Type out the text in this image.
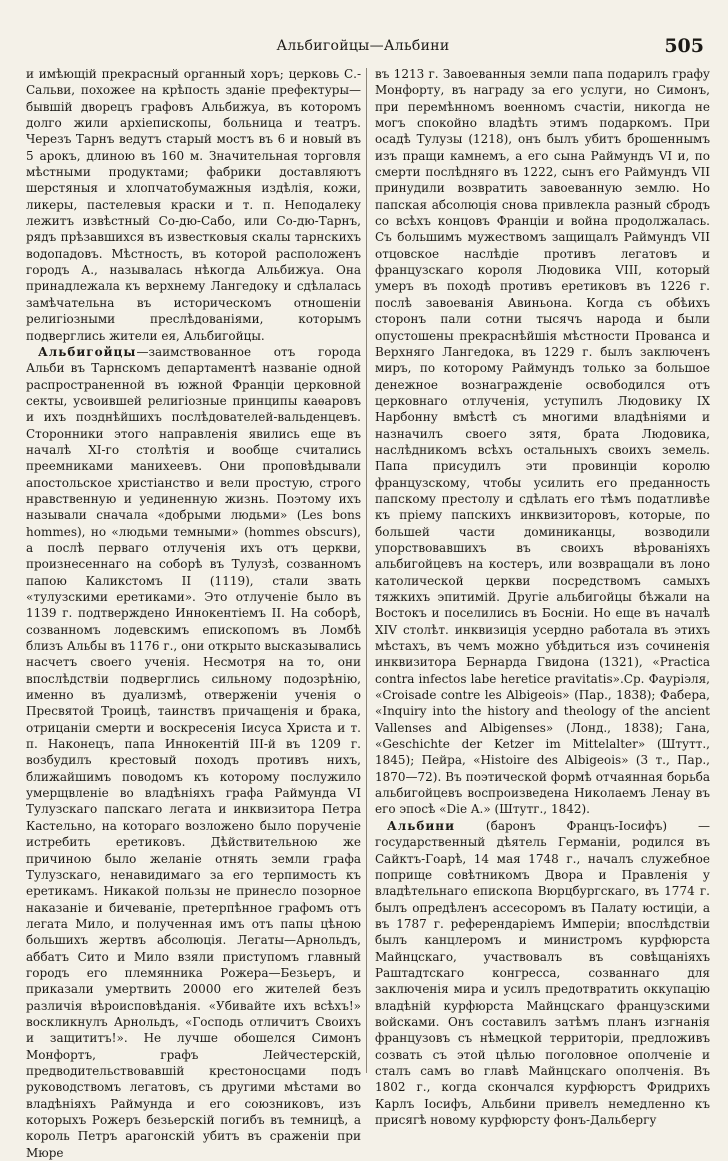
Альбигойцы—Альбини	505

и имѣющій прекрасный органный хоръ; церковь С.-Сальви, похожее на крѣпость зданіе префектуры—бывшій дворецъ графовъ Альбижуа, въ которомъ долго жили архіепископы, больница и театръ. Черезъ Тарнъ ведутъ старый мостъ въ 6 и новый въ 5 арокъ, длиною въ 160 м. Значительная торговля мѣстными продуктами; фабрики доставляютъ шерстяныя и хлопчатобумажныя издѣлія, кожи, ликеры, пастелевыя краски и т. п. Неподалеку лежитъ извѣстный Со-дю-Сабо, или Со-дю-Тарнъ, рядъ прѣзавшихся въ известковыя скалы тарнскихъ водопадовъ. Мѣстность, въ которой расположенъ городъ А., называлась нѣкогда Альбижуа. Она принадлежала къ верхнему Лангедоку и сдѣлалась замѣчательна въ историческомъ отношеніи религіозными преслѣдованіями, которымъ подверглись жители ея, Альбигойцы.

 Альбигойцы—заимствованное отъ города Альби въ Тарнскомъ департаментѣ названіе одной распространенной въ южной Франціи церковной секты, усвоившей религіозные принципы каѳаровъ и ихъ позднѣйшихъ послѣдователей-вальденцевъ. Сторонники этого направленія явились еще въ началѣ XI-го столѣтія и вообще считались преемниками манихеевъ. Они проповѣдывали апостольское христіанство и вели простую, строго нравственную и уединенную жизнь. Поэтому ихъ называли сначала «добрыми людьми» (Les bons hommes), но «людьми темными» (hommes obscurs), а послѣ перваго отлученія ихъ отъ церкви, произнесеннаго на соборѣ въ Тулузѣ, созванномъ папою Каликстомъ II (1119), стали звать «тулузскими еретиками». Это отлученіе было въ 1139 г. подтверждено Иннокентіемъ II. На соборѣ, созванномъ лодевскимъ епископомъ въ Ломбѣ близъ Альбы въ 1176 г., они открыто высказывались насчетъ своего ученія. Несмотря на то, они впослѣдствіи подверглись сильному подозрѣнію, именно въ дуализмѣ, отверженіи ученія о Пресвятой Троицѣ, таинствъ причащенія и брака, отрицаніи смерти и воскресенія Іисуса Христа и т. п. Наконецъ, папа Иннокентій III-й въ 1209 г. возбудилъ крестовый походъ противъ нихъ, ближайшимъ поводомъ къ которому послужило умерщвленіе во владѣніяхъ графа Раймунда VI Тулузскаго папскаго легата и инквизитора Петра Кастельно, на котораго возложено было порученіе истребить еретиковъ. Дѣйствительною же причиною было желаніе отнять земли графа Тулузскаго, ненавидимаго за его терпимость къ еретикамъ. Никакой пользы не принесло позорное наказаніе и бичеваніе, претерпѣнное графомъ отъ легата Мило, и полученная имъ отъ папы цѣною большихъ жертвъ абсолюція. Легаты—Арнольдъ, аббатъ Сито и Мило взяли приступомъ главный городъ его племянника Рожера—Безьеръ, и приказали умертвить 20000 его жителей безъ различія вѣроисповѣданія. «Убивайте ихъ всѣхъ!» воскликнулъ Арнольдъ, «Господь отличитъ Своихъ и защититъ!». Не лучше обошелся Симонъ Монфортъ, графъ Лейчестерскій, предводительствовавшій крестоносцами подъ руководствомъ легатовъ, съ другими мѣстами во владѣніяхъ Раймунда и его союзниковъ, изъ которыхъ Рожеръ безьерскій погибъ въ темницѣ, а король Петръ арагонскій убитъ въ сраженіи при Мюре

въ 1213 г. Завоеванныя земли папа подарилъ графу Монфорту, въ награду за его услуги, но Симонъ, при перемѣнномъ военномъ счастіи, никогда не могъ спокойно владѣть этимъ подаркомъ. При осадѣ Тулузы (1218), онъ былъ убитъ брошеннымъ изъ пращи камнемъ, а его сына Раймундъ VI и, по смерти послѣдняго въ 1222, сынъ его Раймундъ VII принудили возвратить завоеванную землю. Но папская абсолюція снова привлекла разный сбродъ со всѣхъ концовъ Франціи и война продолжалась. Съ большимъ мужествомъ защищалъ Раймундъ VII отцовское наслѣдіе противъ легатовъ и французскаго короля Людовика VIII, который умеръ въ походѣ противъ еретиковъ въ 1226 г. послѣ завоеванія Авиньона. Когда съ обѣихъ сторонъ пали сотни тысячъ народа и были опустошены прекраснѣйшія мѣстности Прованса и Верхняго Лангедока, въ 1229 г. былъ заключенъ миръ, по которому Раймундъ только за большое денежное вознагражденіе освободился отъ церковнаго отлученія, уступилъ Людовику IX Нарбонну вмѣстѣ съ многими владѣніями и назначилъ своего зятя, брата Людовика, наслѣдникомъ всѣхъ остальныхъ своихъ земель. Папа присудилъ эти провинціи королю французскому, чтобы усилить его преданность папскому престолу и сдѣлать его тѣмъ податливѣе къ пріему папскихъ инквизиторовъ, которые, по большей части доминиканцы, возводили упорствовавшихъ въ своихъ вѣрованіяхъ альбигойцевъ на костеръ, или возвращали въ лоно католической церкви посредствомъ самыхъ тяжкихъ эпитимій. Другіе альбигойцы бѣжали на Востокъ и поселились въ Босніи. Но еще въ началѣ XIV столѣт. инквизиція усердно работала въ этихъ мѣстахъ, въ чемъ можно убѣдиться изъ сочиненія инквизитора Бернарда Гвидона (1321), «Practica contra infectos labe heretice pravitatis».Ср. Фауріэля, «Croisade contre les Albigeois» (Пар., 1838); Фабера, «Inquiry into the history and theology of the ancient Vallenses and Albigenses» (Лонд., 1838); Гана, «Geschichte der Ketzer im Mittelalter» (Штутт., 1845); Пейра, «Histoire des Albigeois» (3 т., Пар., 1870—72). Въ поэтической формѣ отчаянная борьба альбигойцевъ воспроизведена Николаемъ Ленау въ его эпосѣ «Die A.» (Штутг., 1842).

 Альбини (баронъ Францъ-Іосифъ) — государственный дѣятель Германіи, родился въ Сайктъ-Гоарѣ, 14 мая 1748 г., началъ служебное поприще совѣтникомъ Двора и Правленія у владѣтельнаго епископа Вюрцбургскаго, въ 1774 г. былъ опредѣленъ ассесоромъ въ Палату юстиціи, а въ 1787 г. референдаріемъ Имперіи; впослѣдствіи былъ канцлеромъ и министромъ курфюрста Майнцскаго, участвовалъ въ совѣщаніяхъ Раштадтскаго конгресса, созваннаго для заключенія мира и усилъ предотвратить оккупацію владѣній курфюрста Майнцскаго французскими войсками. Онъ составилъ затѣмъ планъ изгнанія французовъ съ нѣмецкой территоріи, предложивъ созвать съ этой цѣлью поголовное ополченіе и сталъ самъ во главѣ Майнцскаго ополченія. Въ 1802 г., когда скончался курфюрстъ Фридрихъ Карлъ Іосифъ, Альбини привелъ немедленно къ присягѣ новому курфюрсту фонъ-Дальбергу
